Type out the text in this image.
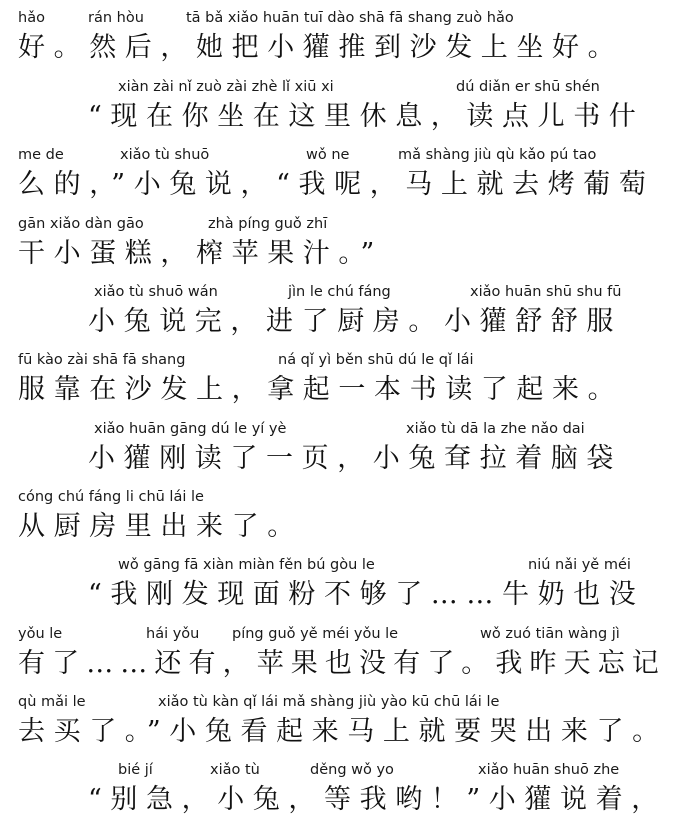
hǎo	rán hòu	tā bǎ xiǎo huān tuī dào shā fā shang zuò hǎo
好。然后，她把小獾推到沙发上坐好。
xiàn zài nǐ zuò zài zhè lǐ xiū xi	dú diǎn er shū shén
“现在你坐在这里休息，读点儿书什
me de	xiǎo tù shuō	wǒ ne	mǎ shàng jiù qù kǎo pú tao
么的，”小兔说，“我呢，马上就去烤葡萄
gān xiǎo dàn gāo	zhà píng guǒ zhī
干小蛋糕，榨苹果汁。”
xiǎo tù shuō wán	jìn le chú fáng	xiǎo huān shū shu fū
小兔说完，进了厨房。小獾舒舒服
fū kào zài shā fā shang	ná qǐ yì běn shū dú le qǐ lái
服靠在沙发上，拿起一本书读了起来。
xiǎo huān gāng dú le yí yè	xiǎo tù dā la zhe nǎo dai
小獾刚读了一页，小兔耷拉着脑袋
cóng chú fáng li chū lái le
从厨房里出来了。
wǒ gāng fā xiàn miàn fěn bú gòu le	niú nǎi yě méi
“我刚发现面粉不够了……牛奶也没
yǒu le	hái yǒu píng guǒ yě méi yǒu le	wǒ zuó tiān wàng jì
有了……还有，苹果也没有了。我昨天忘记
qù mǎi le	xiǎo tù kàn qǐ lái mǎ shàng jiù yào kū chū lái le
去买了。”小兔看起来马上就要哭出来了。
bié jí	xiǎo tù	děng wǒ yo	xiǎo huān shuō zhe
“别急，小兔，等我哟！”小獾说着，
